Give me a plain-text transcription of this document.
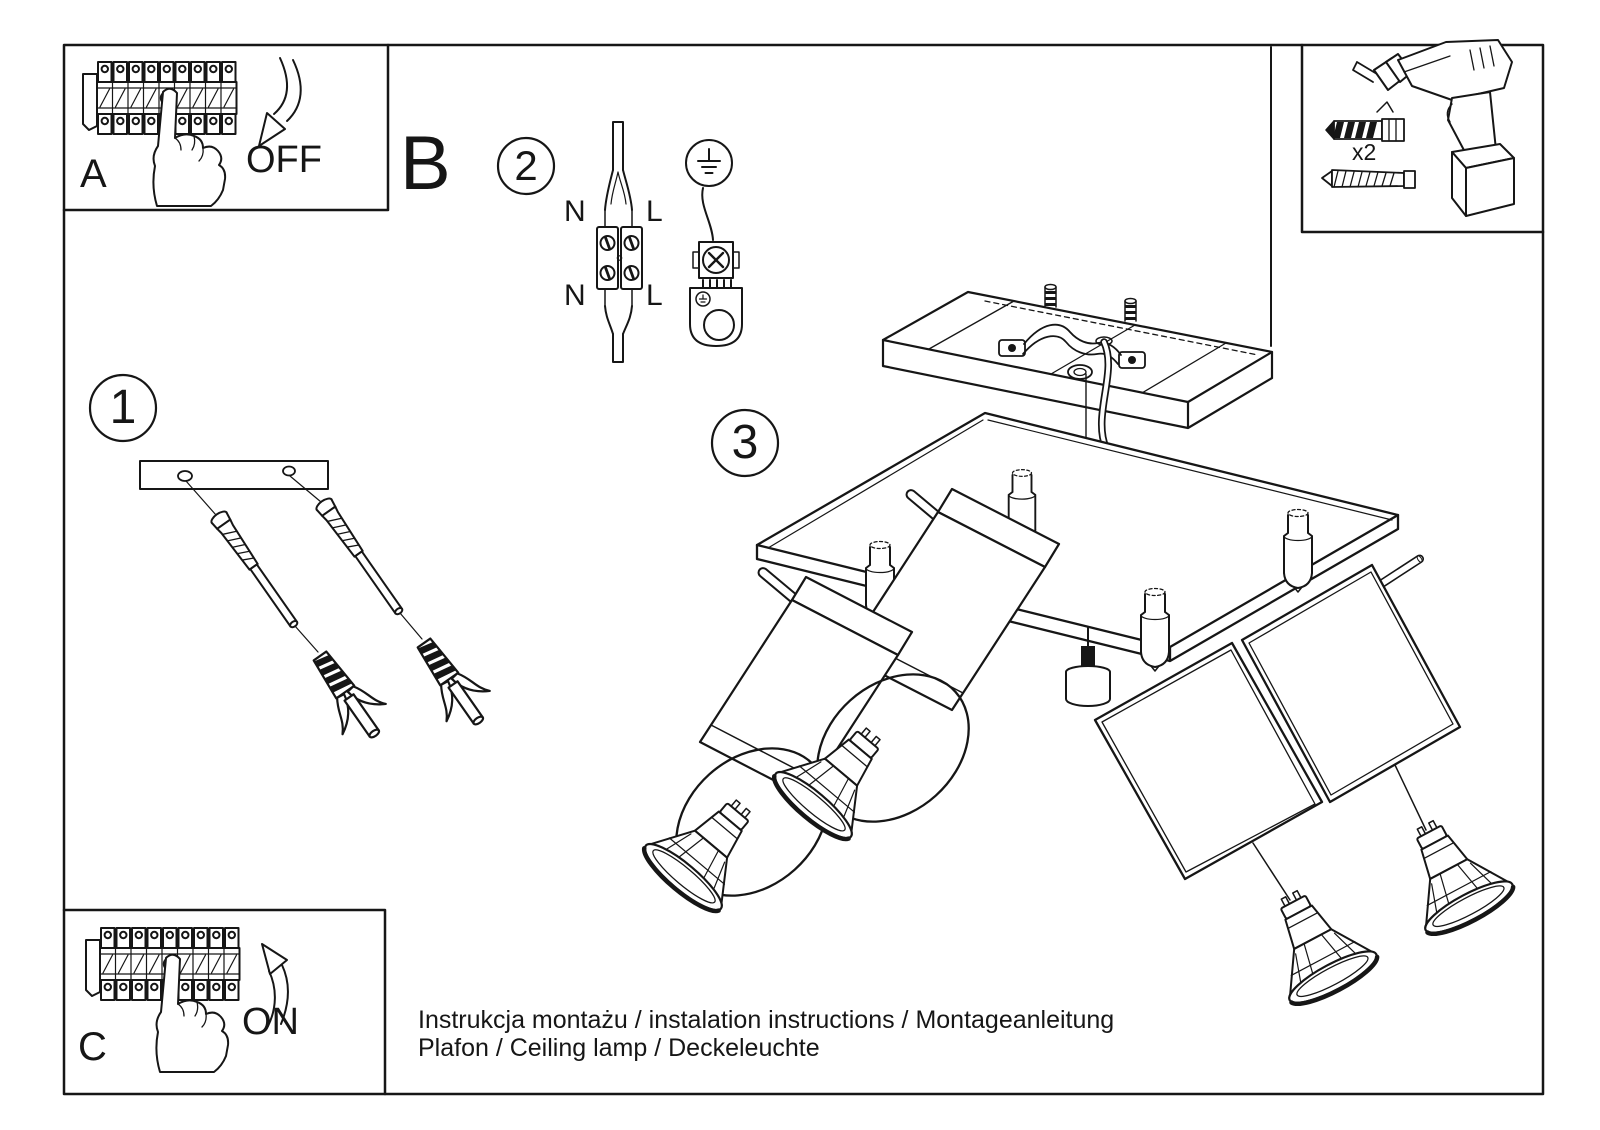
A	OFF B	2
N L
N L
x2
1
3
C
ON	Instrukcja montażu / instalation instructions / Montageanleitung
Plafon / Ceiling lamp / Deckeleuchte
